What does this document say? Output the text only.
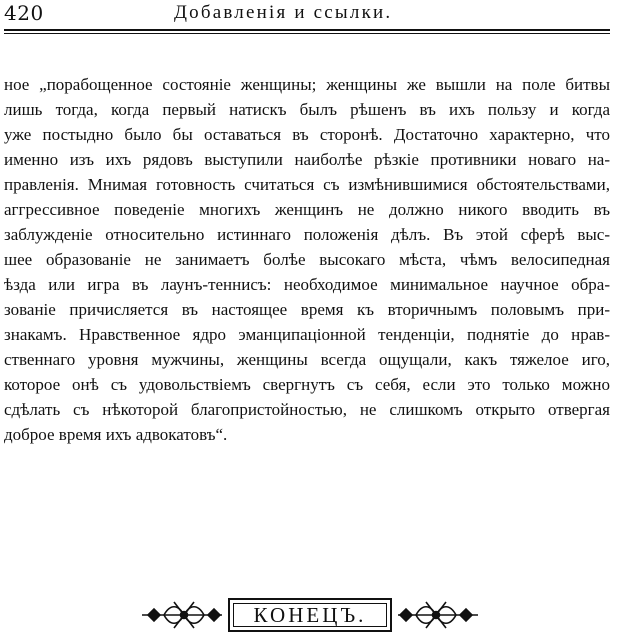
420	Добавленія и ссылки.
ное „порабощенное состояніе женщины; женщины же вышли на поле битвы
лишь тогда, когда первый натискъ былъ рѣшенъ въ ихъ пользу и когда
уже постыдно было бы оставаться въ сторонѣ. Достаточно характерно, что
именно изъ ихъ рядовъ выступили наиболѣе рѣзкіе противники новаго на-
правленія. Мнимая готовность считаться съ измѣнившимися обстоятельствами,
аггрессивное поведеніе многихъ женщинъ не должно никого вводить въ
заблужденіе относительно истиннаго положенія дѣлъ. Въ этой сферѣ выс-
шее образованіе не занимаетъ болѣе высокаго мѣста, чѣмъ велосипедная
ѣзда или игра въ лаунъ-теннисъ: необходимое минимальное научное обра-
зованіе причисляется въ настоящее время къ вторичнымъ половымъ при-
знакамъ. Нравственное ядро эманципаціонной тенденціи, поднятіе до нрав-
ственнаго уровня мужчины, женщины всегда ощущали, какъ тяжелое иго,
которое онѣ съ удовольствіемъ свергнутъ съ себя, если это только можно
сдѣлать съ нѣкоторой благопристойностью, не слишкомъ открыто отвергая
доброе время ихъ адвокатовъ“.
КОНЕЦЪ.
